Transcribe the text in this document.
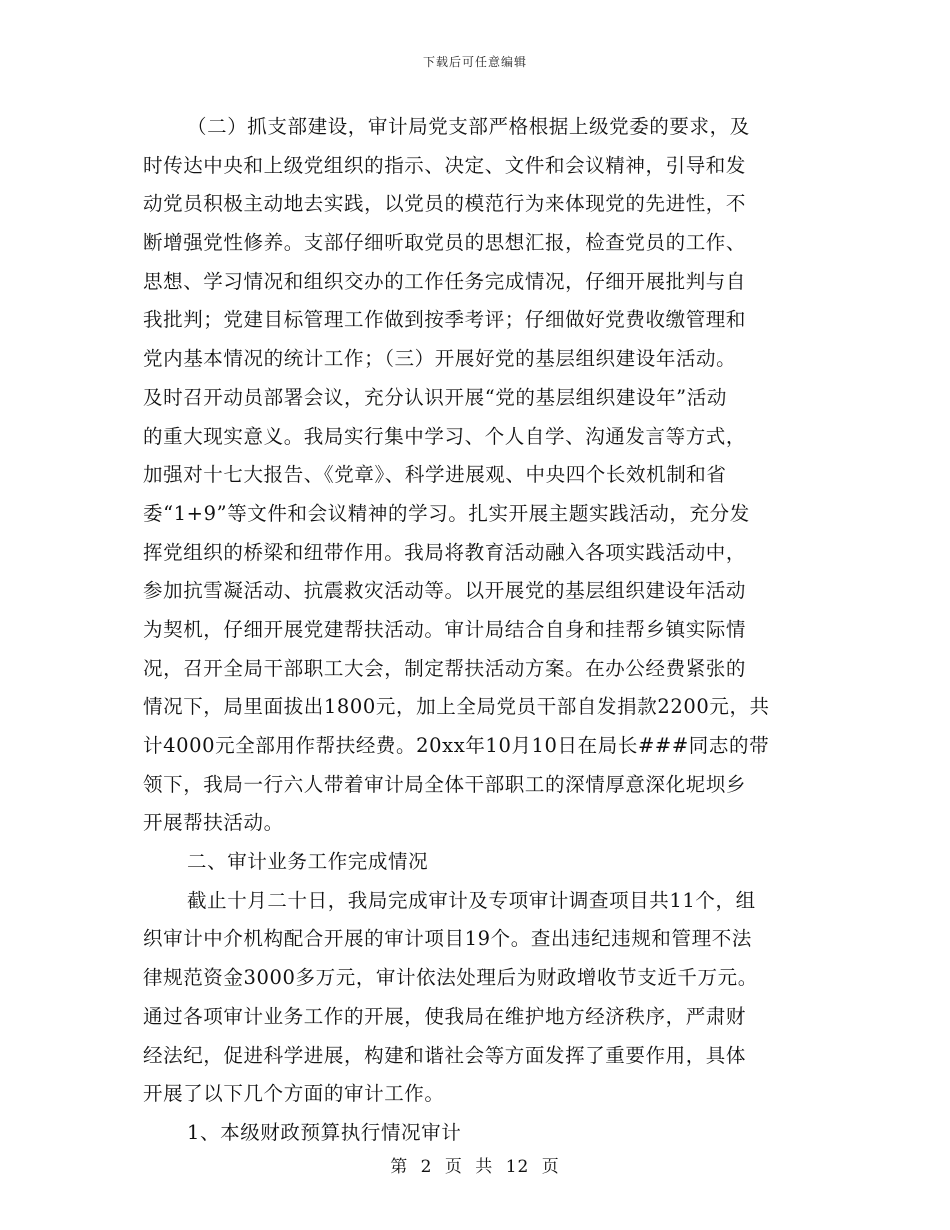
下载后可任意编辑
（二）抓支部建设，审计局党支部严格根据上级党委的要求，及
时传达中央和上级党组织的指示、决定、文件和会议精神，引导和发
动党员积极主动地去实践，以党员的模范行为来体现党的先进性，不
断增强党性修养。支部仔细听取党员的思想汇报，检查党员的工作、
思想、学习情况和组织交办的工作任务完成情况，仔细开展批判与自
我批判；党建目标管理工作做到按季考评；仔细做好党费收缴管理和
党内基本情况的统计工作；（三）开展好党的基层组织建设年活动。
及时召开动员部署会议，充分认识开展“党的基层组织建设年”活动
的重大现实意义。我局实行集中学习、个人自学、沟通发言等方式，
加强对十七大报告、《党章》、科学进展观、中央四个长效机制和省
委“1+9”等文件和会议精神的学习。扎实开展主题实践活动，充分发
挥党组织的桥梁和纽带作用。我局将教育活动融入各项实践活动中，
参加抗雪凝活动、抗震救灾活动等。以开展党的基层组织建设年活动
为契机，仔细开展党建帮扶活动。审计局结合自身和挂帮乡镇实际情
况，召开全局干部职工大会，制定帮扶活动方案。在办公经费紧张的
情况下，局里面拔出1800元，加上全局党员干部自发捐款2200元，共
计4000元全部用作帮扶经费。20xx年10月10日在局长###同志的带
领下，我局一行六人带着审计局全体干部职工的深情厚意深化坭坝乡
开展帮扶活动。
二、审计业务工作完成情况
截止十月二十日，我局完成审计及专项审计调查项目共11个，组
织审计中介机构配合开展的审计项目19个。查出违纪违规和管理不法
律规范资金3000多万元，审计依法处理后为财政增收节支近千万元。
通过各项审计业务工作的开展，使我局在维护地方经济秩序，严肃财
经法纪，促进科学进展，构建和谐社会等方面发挥了重要作用，具体
开展了以下几个方面的审计工作。
1、本级财政预算执行情况审计
第 2 页 共 12 页
